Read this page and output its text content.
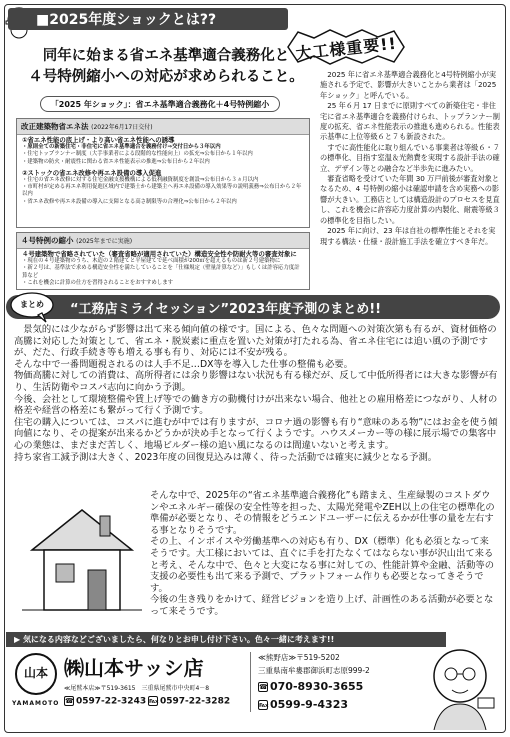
■2025年度ショックとは??
大工様重要!!
同年に始まる省エネ基準適合義務化と
４号特例縮小への対応が求められること。
「2025 年ショック」：省エネ基準適合義務化＋4号特例縮小
改正建築物省エネ法 (2022年6月17日交付)
①省エネ性能の底上げ・より高い省エネ性能への誘導
・原則全ての新築住宅・非住宅に省エネ基準適合を義務付け⇒交付日から３年以内
・住宅トップランナー制度（大手事業者による段階的な性能向上）の拡充⇒公布日から１年以内
・建築物の防火・耐震性に関わる省エネ性能表示の推進⇒公布日から２年以内
②ストックの省エネ改修や再エネ設備の導入促進
・住宅の省エネ改修に対する住宅金融支援機構による低利融資制度を創設⇒公布日から３ヵ月以内
・市町村が定める再エネ利用促進区域内で建築士から建築主へ再エネ設備の導入効果等の説明義務⇒公布日から２年以内
・省エネ改修や再エネ設備の導入に支障となる高さ制限等の合理化⇒公布日から２年以内
４号特例の縮小 (2025年までに実施)
４号建築物で省略されていた（審査省略が適用されていた）構造安全性や防耐火等の審査対象に
・現在の４号建築物のうち、木造の２階建てと平屋建てで延べ面積が200㎡を超えるものは新２号建築物に
・新２号は、基準法で求める構造安全性を満たしていることを「仕様規定（壁量計算など）」もしくは許容応力度計算など
・これを機会に計算の仕方を習得されることをおすすめします
　2025 年に省エネ基準適合義務化と4号特例縮小が実施される予定で、影響が大きいことから業者は「2025 年ショック」と呼んでいる。
　25 年６月 17 日までに原則すべての新築住宅・非住宅に省エネ基準適合を義務付けられ、トップランナー制度の拡充、省エネ性能表示の推進も進められる。性能表示基準に上位等級６と７も新設された。
　すでに高性能化に取り組んでいる事業者は等級６・７の標準化、目指す室温＆光熱費を実現する設計手法の確立、デザイン等との融合など半歩先に進みたい。
　審査省略を受けていた年間 30 万戸前後が審査対象となるため、4 号特例の縮小は確認申請を含め実務への影響が大きい。工務店としては構造設計のプロセスを見直し、これを機会に許容応力度計算の内製化、耐震等級３の標準化を目指したい。
　2025 年に向け、23 年は自社の標準性能とそれを実現する構法・仕様・設計施工手法を確立すべき年だ。
“工務店ミライセッション”2023年度予測のまとめ!!
まとめ

　景気的には少ながらず影響は出て来る傾向値の様です。国による、色々な問題への対策次第も有るが、資材価格の高騰に対応した対策として、省エネ・脱炭素に重点を置いた対策が打たれる為、省エネ住宅には追い風の予測ですが、だた、行政手続き等も増える事も有り、対応には不安が残る。

そんな中で一番問題視されるのは人手不足…DX等を導入した仕事の整備も必要。

物価高騰に対しての消費は、高所得者には余り影響はない状況も有る様だが、反して中低所得者には大きな影響が有り、生活防衛やコスパ志向に向かう予測。

今後、会社として環境整備や賃上げ等での働き方の動機付けが出来ない場合、他社との雇用格差につながり、人材の格差や経営の格差にも繋がって行く予測です。

住宅の購入については、コスパに進むが中では有りますが、コロナ過の影響も有り“意味のある物”にはお金を使う傾向値になり、その提案が出来るかどうかが決め手となって行くようです。ハウスメーカー等の様に展示場での集客中心の業態は、まだまだ苦しく、地場ビルダー様の追い風になるのは間違いないと考えます。

持ち家省工減予測は大きく、2023年度の回復見込みは薄く、待った活動では確実に減少となる予測。

そんな中で、2025年の“省エネ基準適合義務化”も踏まえ、生産緑製のコストダウンやエネルギー確保の安全性等を担った、太陽光発電やZEH以上の住宅の標準化の準備が必要となり、その情報をどうエンドユーザーに伝えるかが仕事の量を左右する事となりそうです。

その上、インボイスや労働基準への対応も有り、DX（標準）化も必須となって来そうです。大工様においては、直ぐに手を打たなくてはならない事が沢山出て来ると考え、そんな中で、色々と大変になる事に対しての、性能計算や金融、活動等の支援の必要性も出て来る予測で、プラットフォーム作りも必要となってきそうです。

今後の生き残りをかけて、経営ビジョンを造り上げ、計画性のある活動が必要となって来そうです。

▶ 気になる内容などございましたら、何なりとお申し付け下さい。色々一緒に考えます!!
山本
YAMAMOTO
㈱山本サッシ店
≪尾鷲本店≫〒519-3615　三重県尾鷲市中央町4－8
☎ 0597-22-3243 ℻ 0597-22-3282
≪熊野店≫〒519-5202
三重県南牟婁郡御浜町志原999-2
☎ 070-8930-3655
℻ 0599-9-4323
